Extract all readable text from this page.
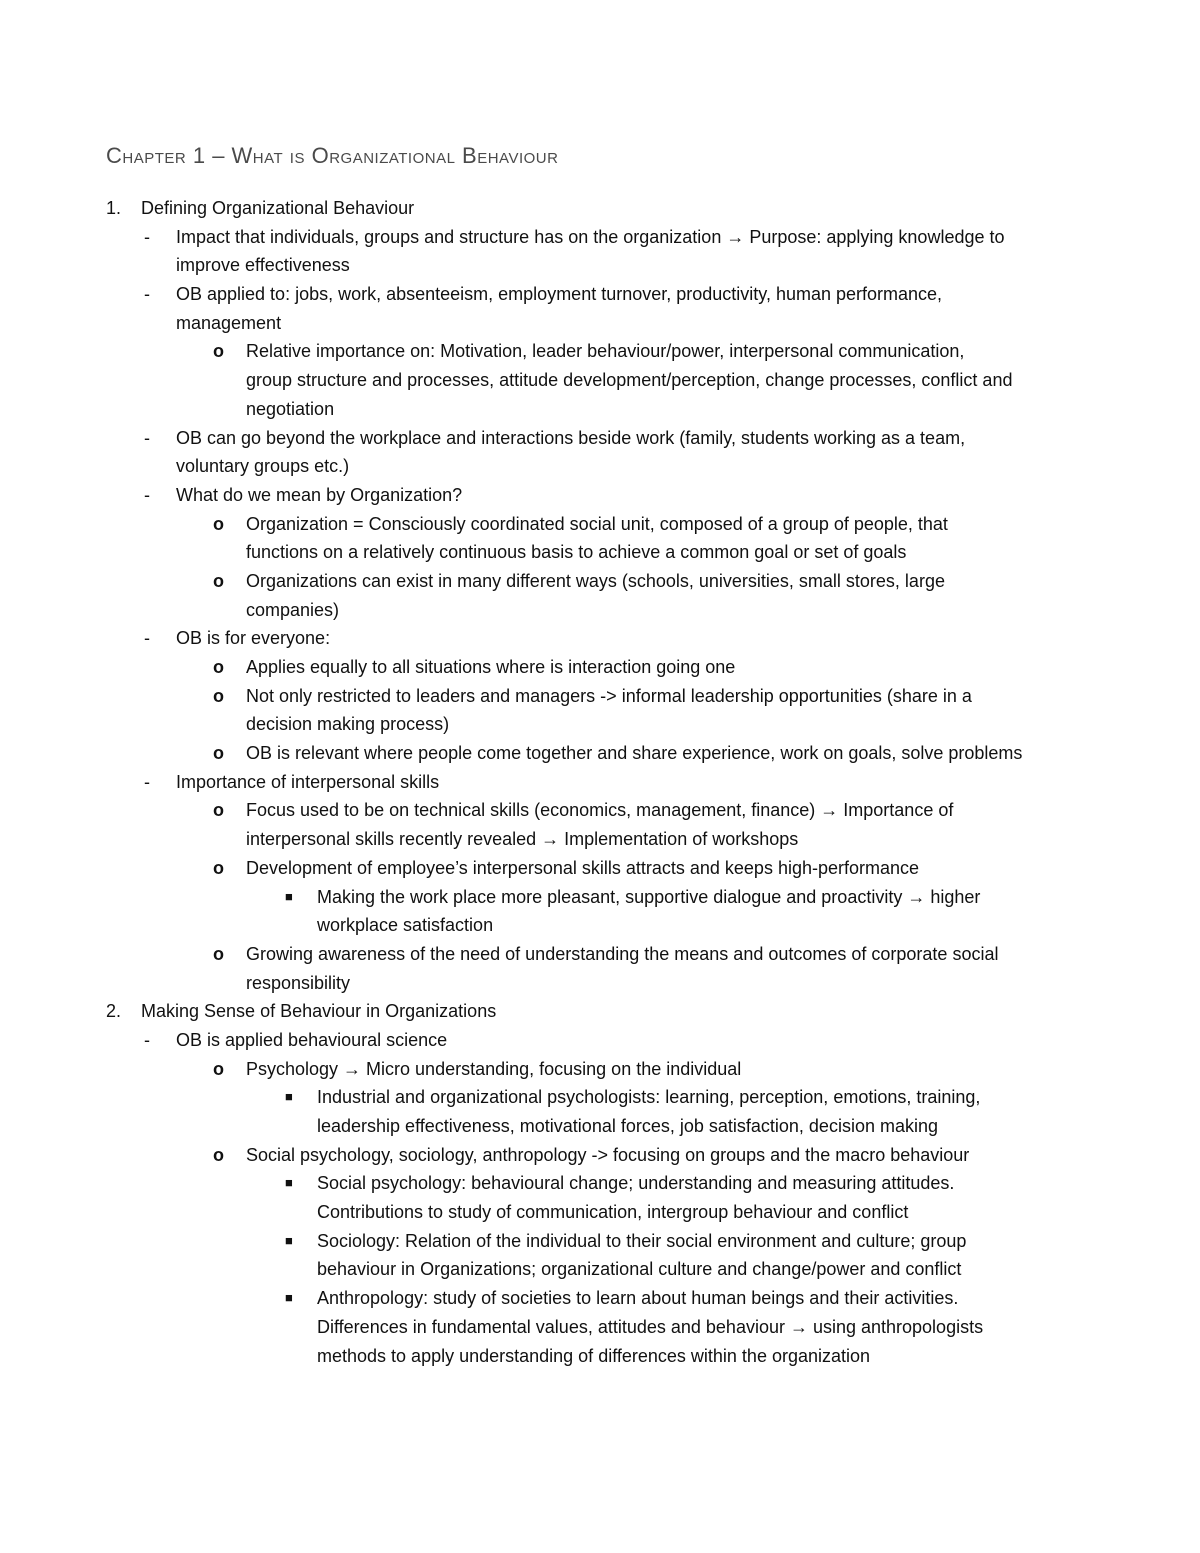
Chapter 1 – What is Organizational Behaviour
1. Defining Organizational Behaviour
- Impact that individuals, groups and structure has on the organization → Purpose: applying knowledge to
improve effectiveness
- OB applied to: jobs, work, absenteeism, employment turnover, productivity, human performance,
management
o Relative importance on: Motivation, leader behaviour/power, interpersonal communication,
group structure and processes, attitude development/perception, change processes, conflict and
negotiation
- OB can go beyond the workplace and interactions beside work (family, students working as a team,
voluntary groups etc.)
- What do we mean by Organization?
o Organization = Consciously coordinated social unit, composed of a group of people, that
functions on a relatively continuous basis to achieve a common goal or set of goals
o Organizations can exist in many different ways (schools, universities, small stores, large
companies)
- OB is for everyone:
o Applies equally to all situations where is interaction going one
o Not only restricted to leaders and managers -> informal leadership opportunities (share in a
decision making process)
o OB is relevant where people come together and share experience, work on goals, solve problems
- Importance of interpersonal skills
o Focus used to be on technical skills (economics, management, finance) → Importance of
interpersonal skills recently revealed → Implementation of workshops
o Development of employee’s interpersonal skills attracts and keeps high-performance
■ Making the work place more pleasant, supportive dialogue and proactivity → higher
workplace satisfaction
o Growing awareness of the need of understanding the means and outcomes of corporate social
responsibility
2. Making Sense of Behaviour in Organizations
- OB is applied behavioural science
o Psychology → Micro understanding, focusing on the individual
■ Industrial and organizational psychologists: learning, perception, emotions, training,
leadership effectiveness, motivational forces, job satisfaction, decision making
o Social psychology, sociology, anthropology -> focusing on groups and the macro behaviour
■ Social psychology: behavioural change; understanding and measuring attitudes.
Contributions to study of communication, intergroup behaviour and conflict
■ Sociology: Relation of the individual to their social environment and culture; group
behaviour in Organizations; organizational culture and change/power and conflict
■ Anthropology: study of societies to learn about human beings and their activities.
Differences in fundamental values, attitudes and behaviour → using anthropologists
methods to apply understanding of differences within the organization
